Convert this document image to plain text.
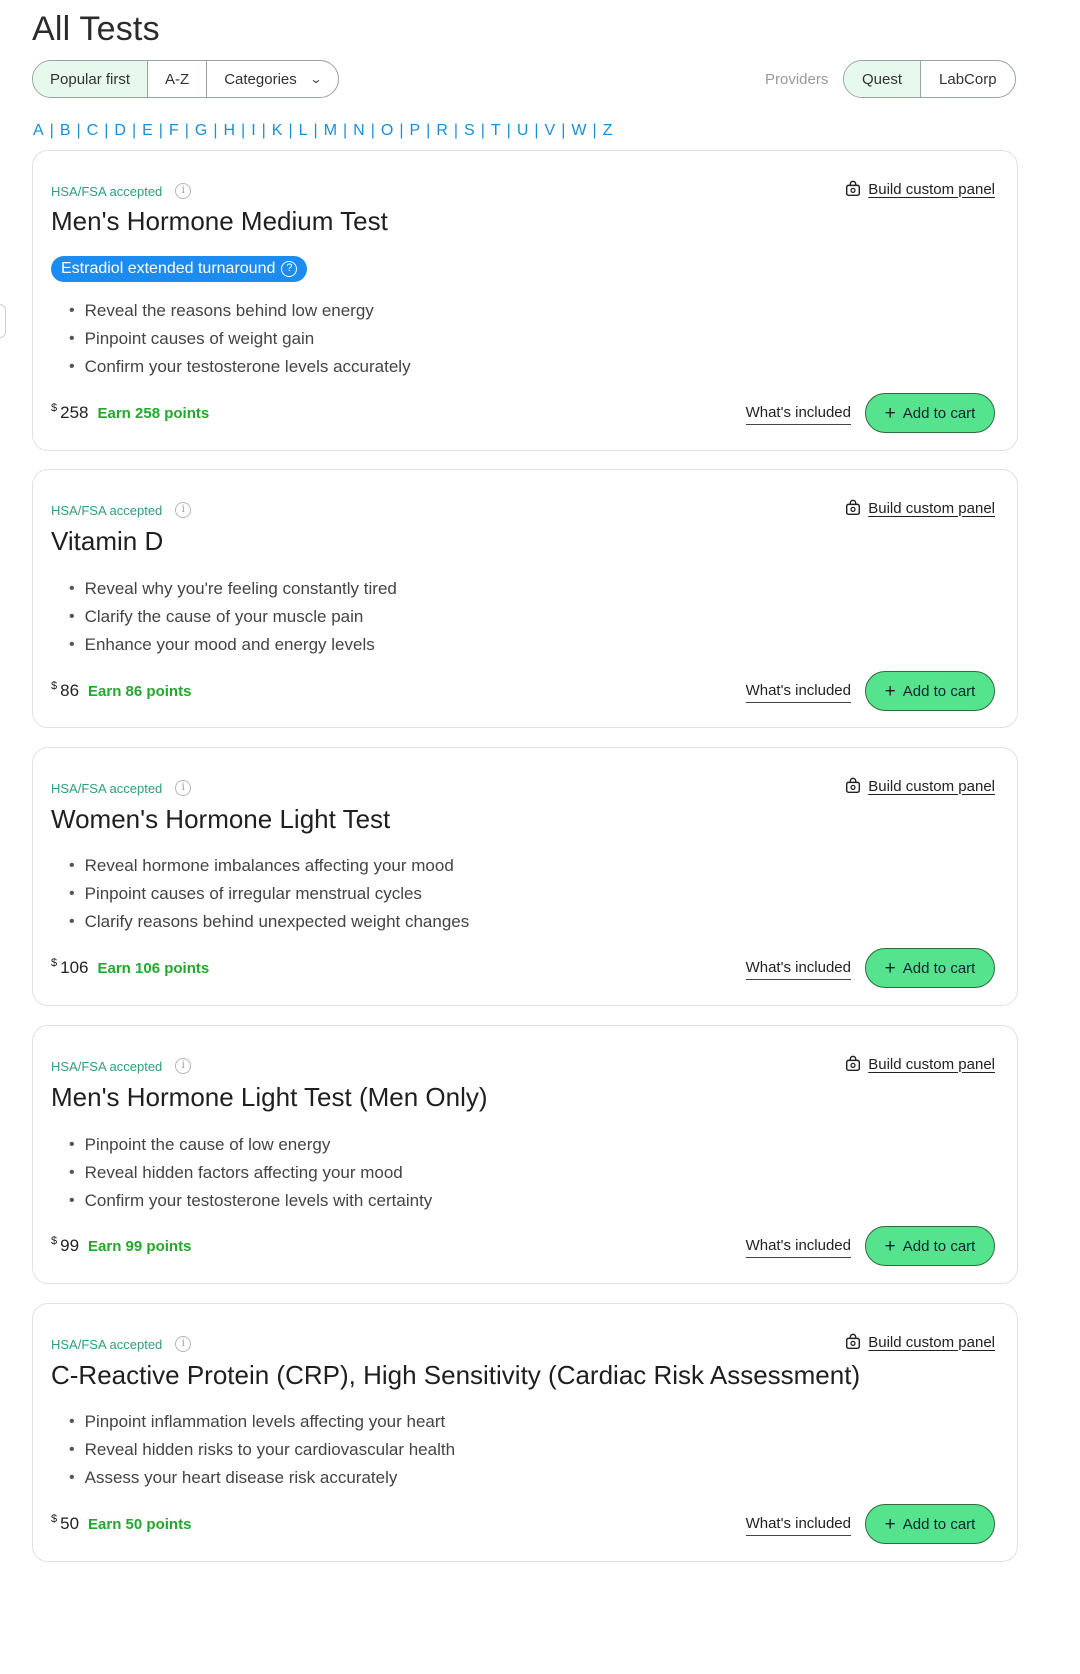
All Tests
Popular first A-Z Categories ⌄	Providers Quest LabCorp
A | B | C | D | E | F | G | H | I | K | L | M | N | O | P | R | S | T | U | V | W | Z
HSA/FSA accepted	i	Build custom panel
Men's Hormone Medium Test
Estradiol extended turnaround ?
• Reveal the reasons behind low energy
• Pinpoint causes of weight gain
• Confirm your testosterone levels accurately
$ 258 Earn 258 points	What's included + Add to cart
HSA/FSA accepted	i	Build custom panel
Vitamin D
• Reveal why you're feeling constantly tired
• Clarify the cause of your muscle pain
• Enhance your mood and energy levels
$ 86 Earn 86 points	What's included + Add to cart
HSA/FSA accepted	i	Build custom panel
Women's Hormone Light Test
• Reveal hormone imbalances affecting your mood
• Pinpoint causes of irregular menstrual cycles
• Clarify reasons behind unexpected weight changes
$ 106 Earn 106 points	What's included + Add to cart
HSA/FSA accepted	i	Build custom panel
Men's Hormone Light Test (Men Only)
• Pinpoint the cause of low energy
• Reveal hidden factors affecting your mood
• Confirm your testosterone levels with certainty
$ 99 Earn 99 points	What's included + Add to cart
HSA/FSA accepted	i	Build custom panel
C-Reactive Protein (CRP), High Sensitivity (Cardiac Risk Assessment)
• Pinpoint inflammation levels affecting your heart
• Reveal hidden risks to your cardiovascular health
• Assess your heart disease risk accurately
$ 50 Earn 50 points	What's included + Add to cart
